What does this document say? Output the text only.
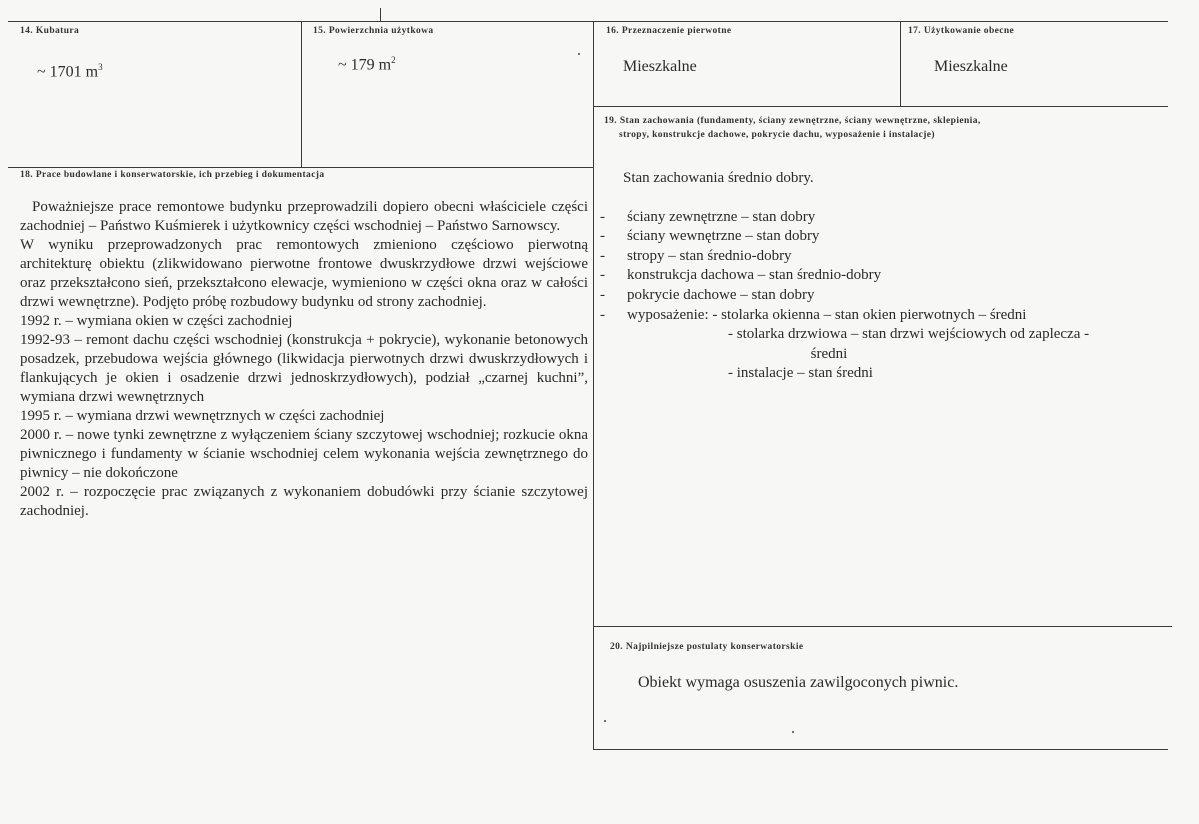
14. Kubatura
~ 1701 $m^3$
15. Powierzchnia użytkowa
~ 179 $m^2$
16. Przeznaczenie pierwotne
Mieszkalne
17. Użytkowanie obecne
Mieszkalne
18. Prace budowlane i konserwatorskie, ich przebieg i dokumentacja

Poważniejsze prace remontowe budynku przeprowadzili dopiero obecni właściciele części zachodniej – Państwo Kuśmierek i użytkownicy części wschodniej – Państwo Sarnowscy.

W wyniku przeprowadzonych prac remontowych zmieniono częściowo pierwotną architekturę obiektu (zlikwidowano pierwotne frontowe dwuskrzydłowe drzwi wejściowe oraz przekształcono sień, przekształcono elewacje, wymieniono w części okna oraz w całości drzwi wewnętrzne). Podjęto próbę rozbudowy budynku od strony zachodniej.

1992 r. – wymiana okien w części zachodniej

1992-93 – remont dachu części wschodniej (konstrukcja + pokrycie), wykonanie betonowych posadzek, przebudowa wejścia głównego (likwidacja pierwotnych drzwi dwuskrzydłowych i flankujących je okien i osadzenie drzwi jednoskrzydłowych), podział „czarnej kuchni”, wymiana drzwi wewnętrznych

1995 r. – wymiana drzwi wewnętrznych w części zachodniej

2000 r. – nowe tynki zewnętrzne z wyłączeniem ściany szczytowej wschodniej; rozkucie okna piwnicznego i fundamenty w ścianie wschodniej celem wykonania wejścia zewnętrznego do piwnicy – nie dokończone

2002 r. – rozpoczęcie prac związanych z wykonaniem dobudówki przy ścianie szczytowej zachodniej.

19. Stan zachowania (fundamenty, ściany zewnętrzne, ściany wewnętrzne, sklepienia,
stropy, konstrukcje dachowe, pokrycie dachu, wyposażenie i instalacje)

Stan zachowania średnio dobry.

- ściany zewnętrzne – stan dobry
- ściany wewnętrzne – stan dobry
- stropy – stan średnio-dobry
- konstrukcja dachowa – stan średnio-dobry
- pokrycie dachowe – stan dobry
- wyposażenie: - stolarka okienna – stan okien pierwotnych – średni
- stolarka drzwiowa – stan drzwi wejściowych od zaplecza -
średni
- instalacje – stan średni
20. Najpilniejsze postulaty konserwatorskie
Obiekt wymaga osuszenia zawilgoconych piwnic.
